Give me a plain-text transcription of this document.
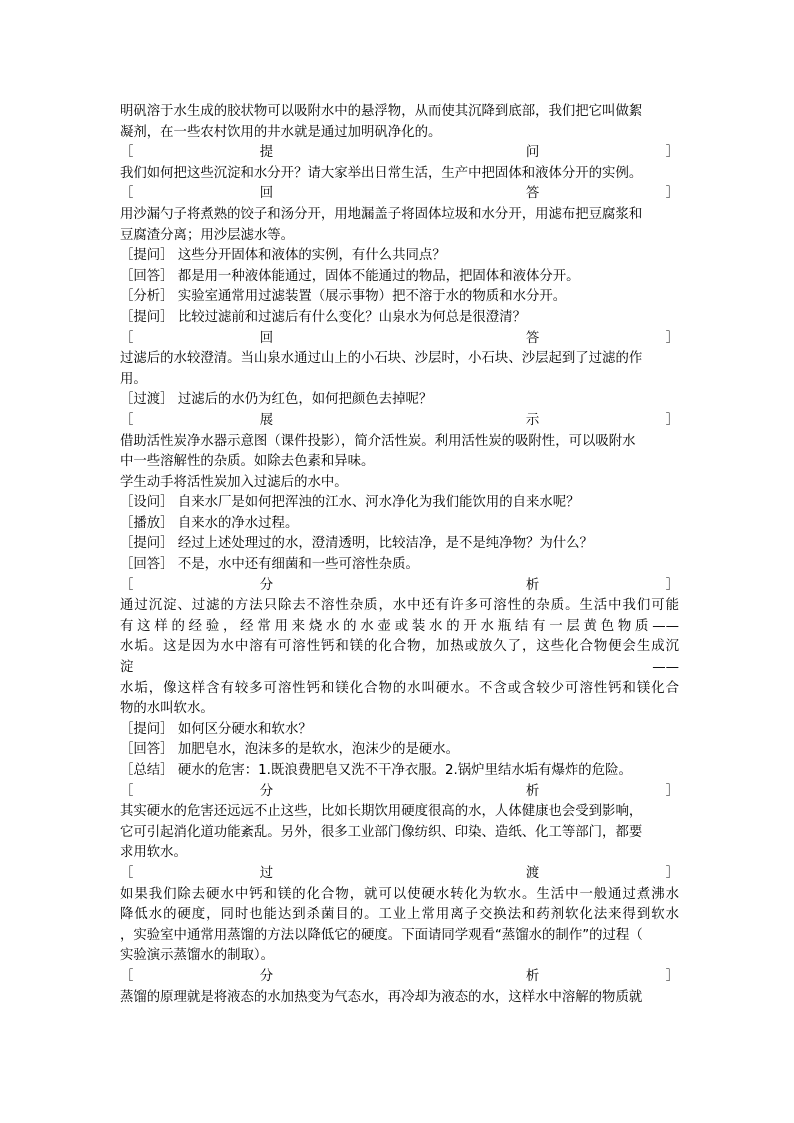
明矾溶于水生成的胶状物可以吸附水中的悬浮物，从而使其沉降到底部，我们把它叫做絮
凝剂，在一些农村饮用的井水就是通过加明矾净化的。
［	提	问	］
我们如何把这些沉淀和水分开？请大家举出日常生活，生产中把固体和液体分开的实例。
［	回	答	］
用沙漏勺子将煮熟的饺子和汤分开，用地漏盖子将固体垃圾和水分开，用滤布把豆腐浆和
豆腐渣分离；用沙层滤水等。
［提问］ 这些分开固体和液体的实例，有什么共同点？
［回答］ 都是用一种液体能通过，固体不能通过的物品，把固体和液体分开。
［分析］ 实验室通常用过滤装置（展示事物）把不溶于水的物质和水分开。
［提问］ 比较过滤前和过滤后有什么变化？山泉水为何总是很澄清？
［	回	答	］
过滤后的水较澄清。当山泉水通过山上的小石块、沙层时，小石块、沙层起到了过滤的作
用。
［过渡］ 过滤后的水仍为红色，如何把颜色去掉呢？
［	展	示	］
借助活性炭净水器示意图（课件投影），简介活性炭。利用活性炭的吸附性，可以吸附水
中一些溶解性的杂质。如除去色素和异味。
学生动手将活性炭加入过滤后的水中。
［设问］ 自来水厂是如何把浑浊的江水、河水净化为我们能饮用的自来水呢？
［播放］ 自来水的净水过程。
［提问］ 经过上述处理过的水，澄清透明，比较洁净，是不是纯净物？为什么？
［回答］ 不是，水中还有细菌和一些可溶性杂质。
［	分	析	］
通过沉淀、过滤的方法只除去不溶性杂质，水中还有许多可溶性的杂质。生活中我们可能
有这样的经验，经常用来烧水的水壶或装水的开水瓶结有一层黄色物质——
水垢。这是因为水中溶有可溶性钙和镁的化合物，加热或放久了，这些化合物便会生成沉
淀	——
水垢，像这样含有较多可溶性钙和镁化合物的水叫硬水。不含或含较少可溶性钙和镁化合
物的水叫软水。
［提问］ 如何区分硬水和软水？
［回答］ 加肥皂水，泡沫多的是软水，泡沫少的是硬水。
［总结］ 硬水的危害：1.既浪费肥皂又洗不干净衣服。2.锅炉里结水垢有爆炸的危险。
［	分	析	］
其实硬水的危害还远远不止这些，比如长期饮用硬度很高的水，人体健康也会受到影响，
它可引起消化道功能紊乱。另外，很多工业部门像纺织、印染、造纸、化工等部门，都要
求用软水。
［	过	渡	］
如果我们除去硬水中钙和镁的化合物，就可以使硬水转化为软水。生活中一般通过煮沸水
降低水的硬度，同时也能达到杀菌目的。工业上常用离子交换法和药剂软化法来得到软水
，实验室中通常用蒸馏的方法以降低它的硬度。下面请同学观看“蒸馏水的制作”的过程（
实验演示蒸馏水的制取）。
［	分	析	］
蒸馏的原理就是将液态的水加热变为气态水，再冷却为液态的水，这样水中溶解的物质就
